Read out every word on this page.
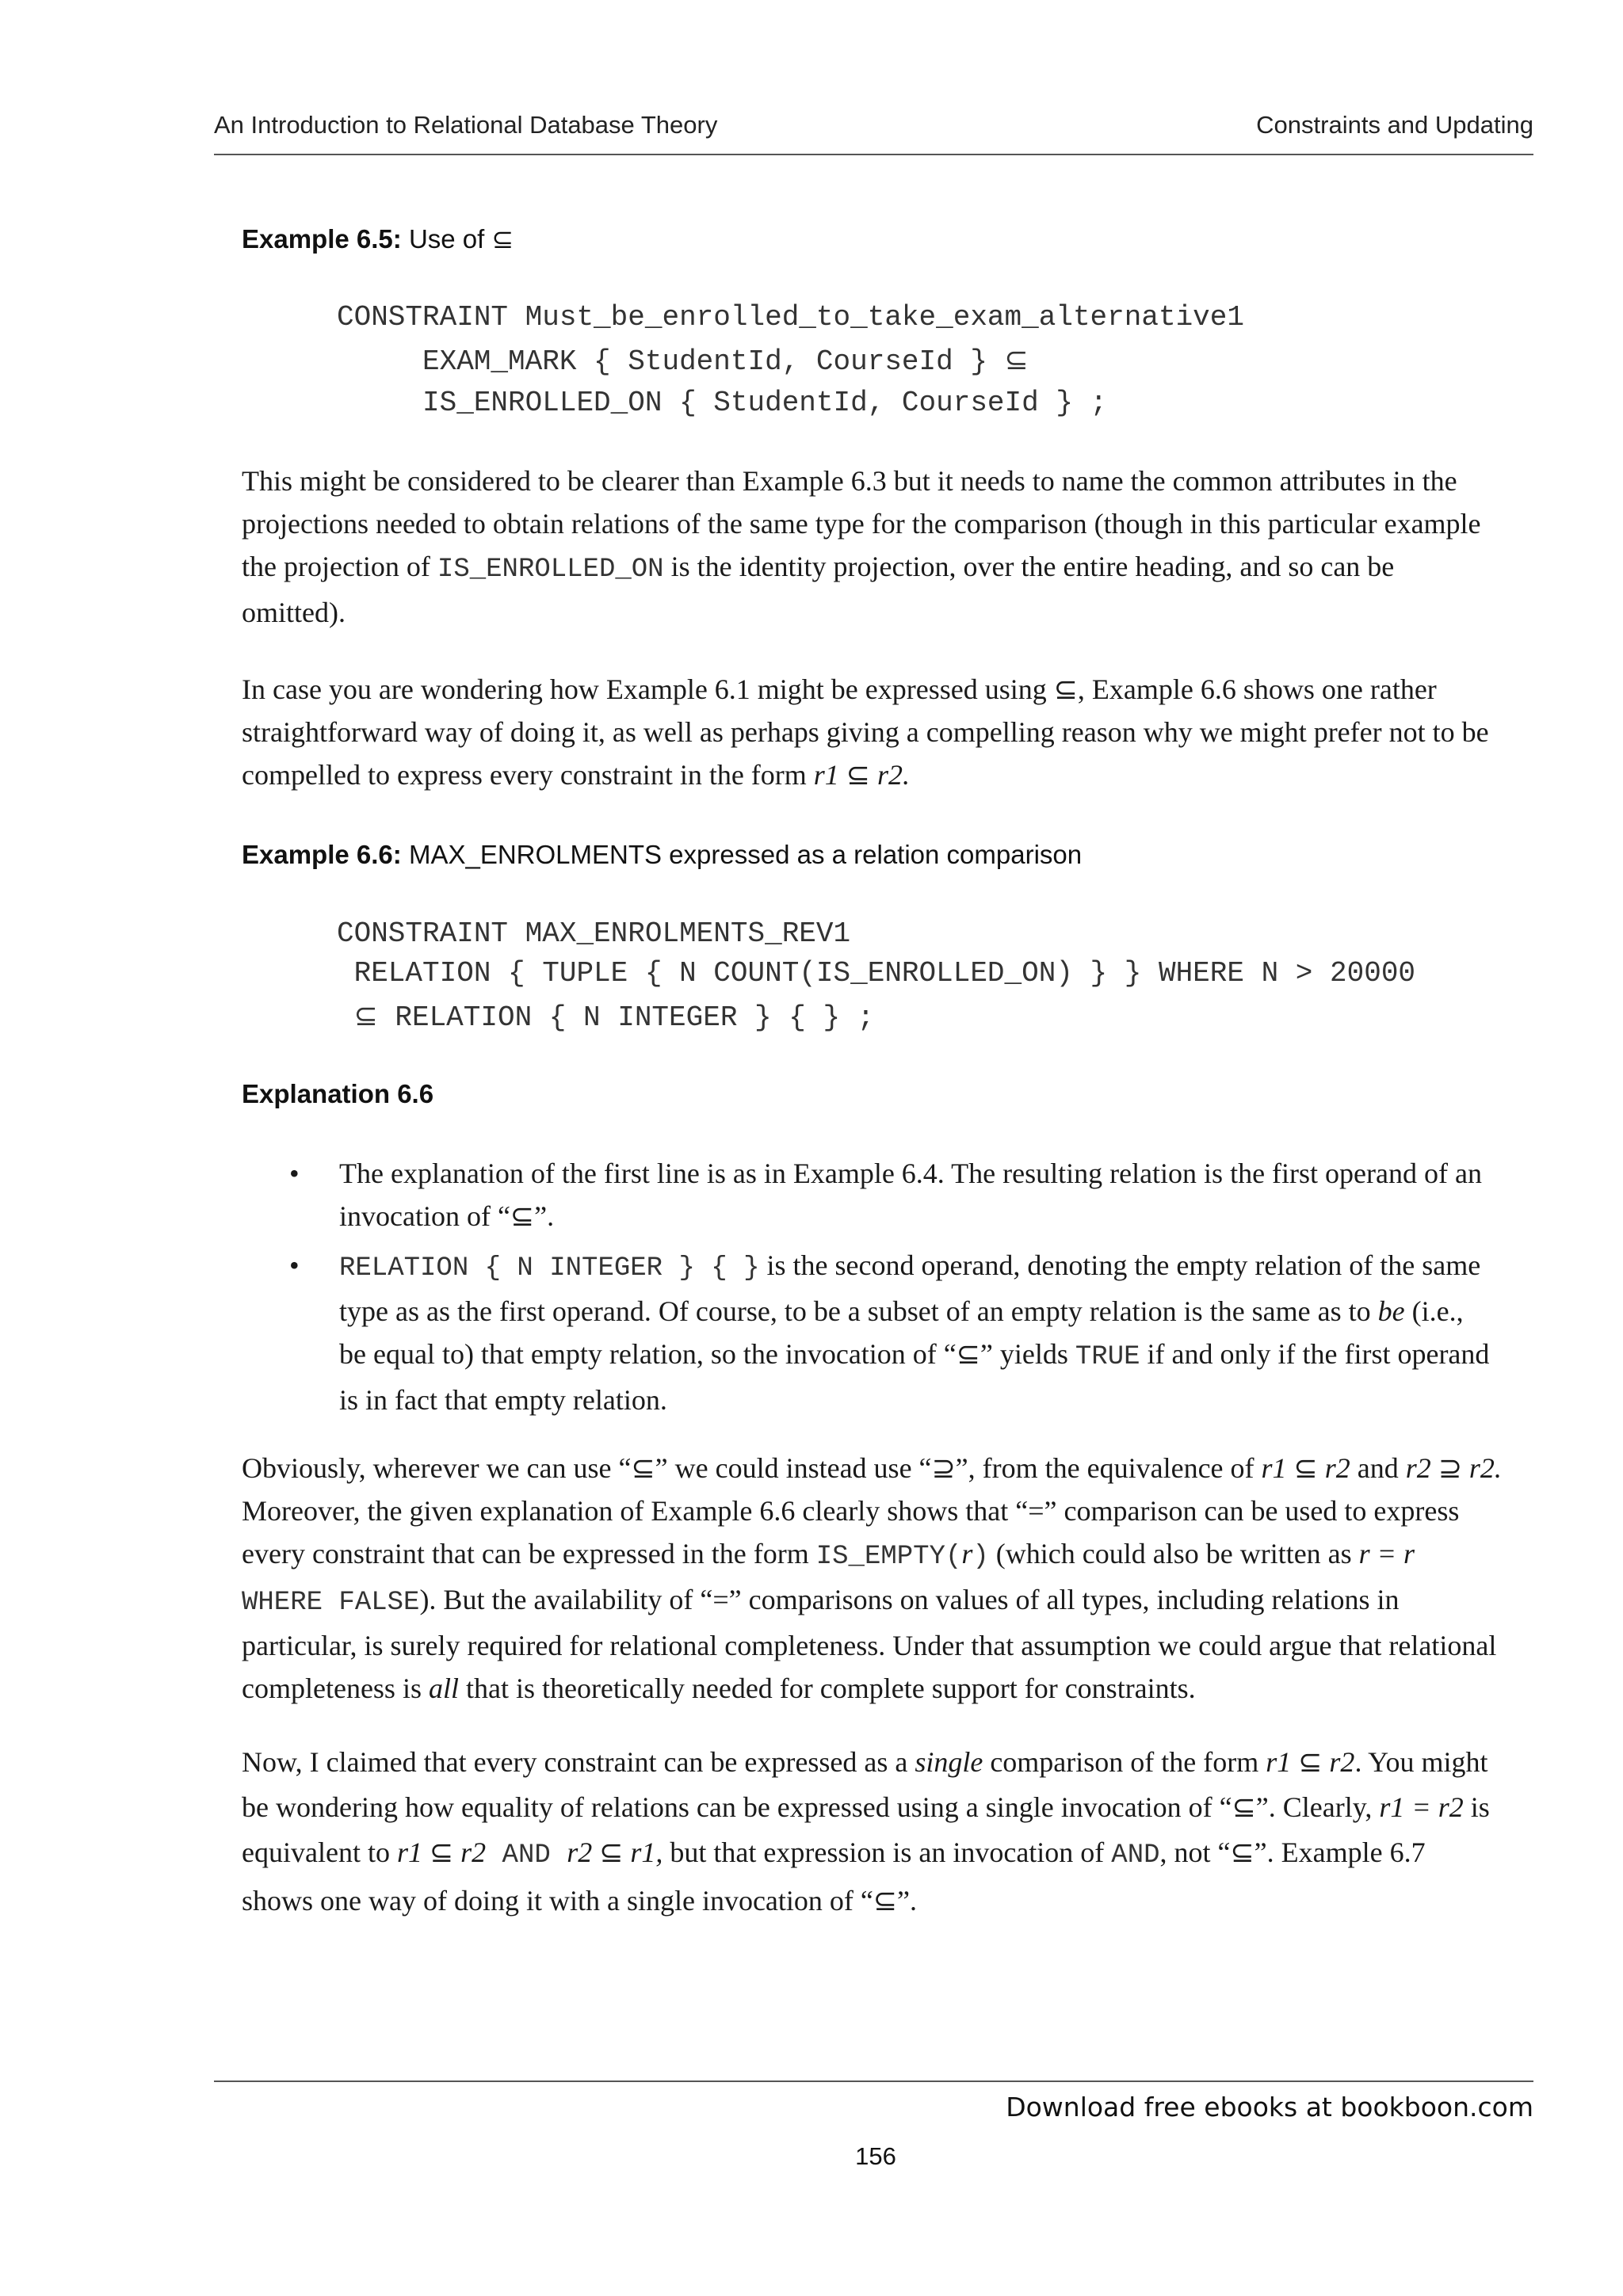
An Introduction to Relational Database Theory	Constraints and Updating
Example 6.5: Use of ⊆
CONSTRAINT Must_be_enrolled_to_take_exam_alternative1
EXAM_MARK { StudentId, CourseId } ⊆
IS_ENROLLED_ON { StudentId, CourseId } ;
This might be considered to be clearer than Example 6.3 but it needs to name the common attributes in the projections needed to obtain relations of the same type for the comparison (though in this particular example the projection of IS_ENROLLED_ON is the identity projection, over the entire heading, and so can be omitted).
In case you are wondering how Example 6.1 might be expressed using ⊆, Example 6.6 shows one rather straightforward way of doing it, as well as perhaps giving a compelling reason why we might prefer not to be compelled to express every constraint in the form r1 ⊆ r2.
Example 6.6: MAX_ENROLMENTS expressed as a relation comparison
CONSTRAINT MAX_ENROLMENTS_REV1
RELATION { TUPLE { N COUNT(IS_ENROLLED_ON) } } WHERE N > 20000
⊆ RELATION { N INTEGER } { } ;
Explanation 6.6
• The explanation of the first line is as in Example 6.4. The resulting relation is the first operand of an invocation of “⊆”.
• RELATION { N INTEGER } { } is the second operand, denoting the empty relation of the same type as as the first operand. Of course, to be a subset of an empty relation is the same as to be (i.e., be equal to) that empty relation, so the invocation of “⊆” yields TRUE if and only if the first operand is in fact that empty relation.
Obviously, wherever we can use “⊆” we could instead use “⊇”, from the equivalence of r1 ⊆ r2 and r2 ⊇ r2. Moreover, the given explanation of Example 6.6 clearly shows that “=” comparison can be used to express every constraint that can be expressed in the form IS_EMPTY(r) (which could also be written as r = r WHERE FALSE). But the availability of “=” comparisons on values of all types, including relations in particular, is surely required for relational completeness. Under that assumption we could argue that relational completeness is all that is theoretically needed for complete support for constraints.
Now, I claimed that every constraint can be expressed as a single comparison of the form r1 ⊆ r2. You might be wondering how equality of relations can be expressed using a single invocation of “⊆”. Clearly, r1 = r2 is equivalent to r1 ⊆ r2 AND r2 ⊆ r1, but that expression is an invocation of AND, not “⊆”. Example 6.7 shows one way of doing it with a single invocation of “⊆”.
Download free ebooks at bookboon.com
156
